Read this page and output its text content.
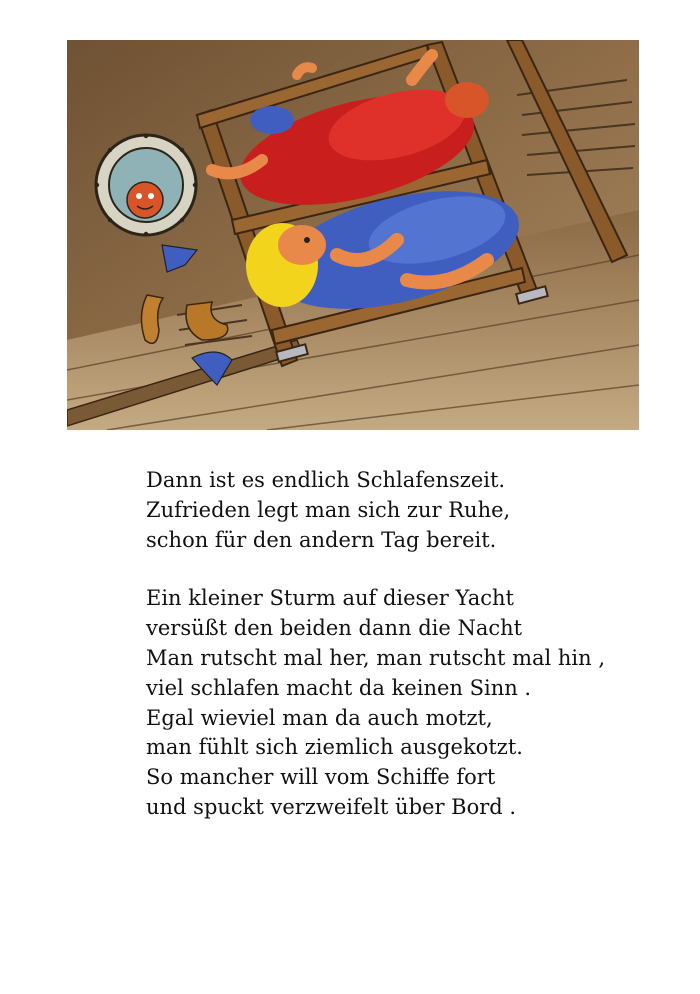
Dann ist es endlich Schlafenszeit.
Zufrieden legt man sich zur Ruhe,
schon für den andern Tag bereit.

Ein kleiner Sturm auf dieser Yacht
versüßt den beiden dann die Nacht
Man rutscht mal her, man rutscht mal hin ,
viel schlafen macht da keinen Sinn .
Egal wieviel man da auch motzt,
man fühlt sich ziemlich ausgekotzt.
So mancher will vom Schiffe fort
und spuckt verzweifelt über Bord .
